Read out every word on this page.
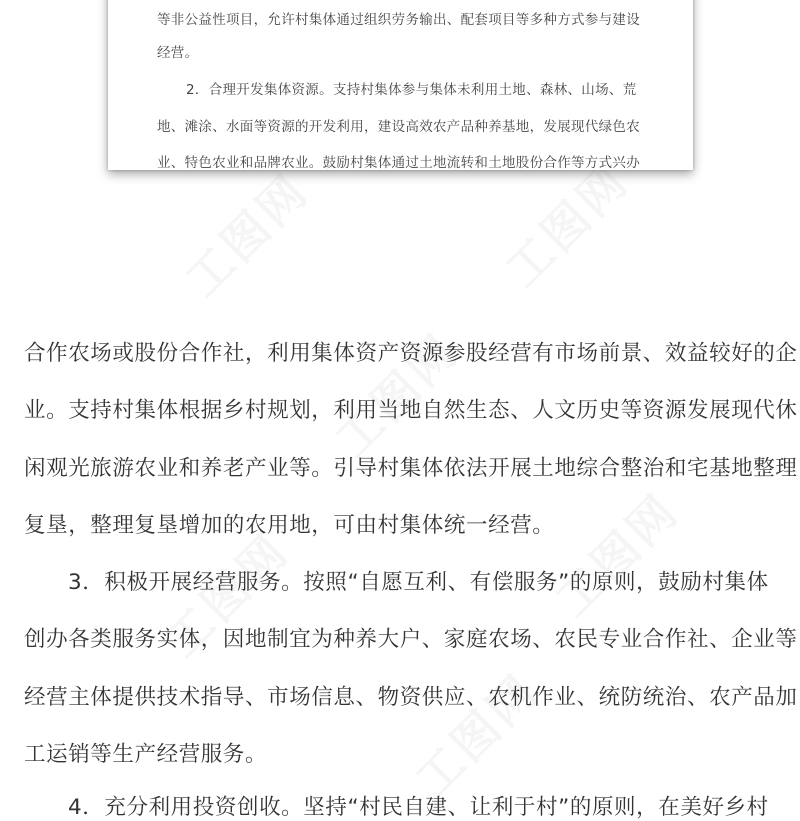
工图网	工图网
工图网
工图网
工图网
工图网
等非公益性项目，允许村集体通过组织劳务输出、配套项目等多种方式参与建设
经营。
2．合理开发集体资源。支持村集体参与集体未利用土地、森林、山场、荒
地、滩涂、水面等资源的开发利用，建设高效农产品种养基地，发展现代绿色农
业、特色农业和品牌农业。鼓励村集体通过土地流转和土地股份合作等方式兴办
合作农场或股份合作社，利用集体资产资源参股经营有市场前景、效益较好的企
业。支持村集体根据乡村规划，利用当地自然生态、人文历史等资源发展现代休
闲观光旅游农业和养老产业等。引导村集体依法开展土地综合整治和宅基地整理
复垦，整理复垦增加的农用地，可由村集体统一经营。
3．积极开展经营服务。按照“自愿互利、有偿服务”的原则，鼓励村集体
创办各类服务实体，因地制宜为种养大户、家庭农场、农民专业合作社、企业等
经营主体提供技术指导、市场信息、物资供应、农机作业、统防统治、农产品加
工运销等生产经营服务。
4．充分利用投资创收。坚持“村民自建、让利于村”的原则，在美好乡村
